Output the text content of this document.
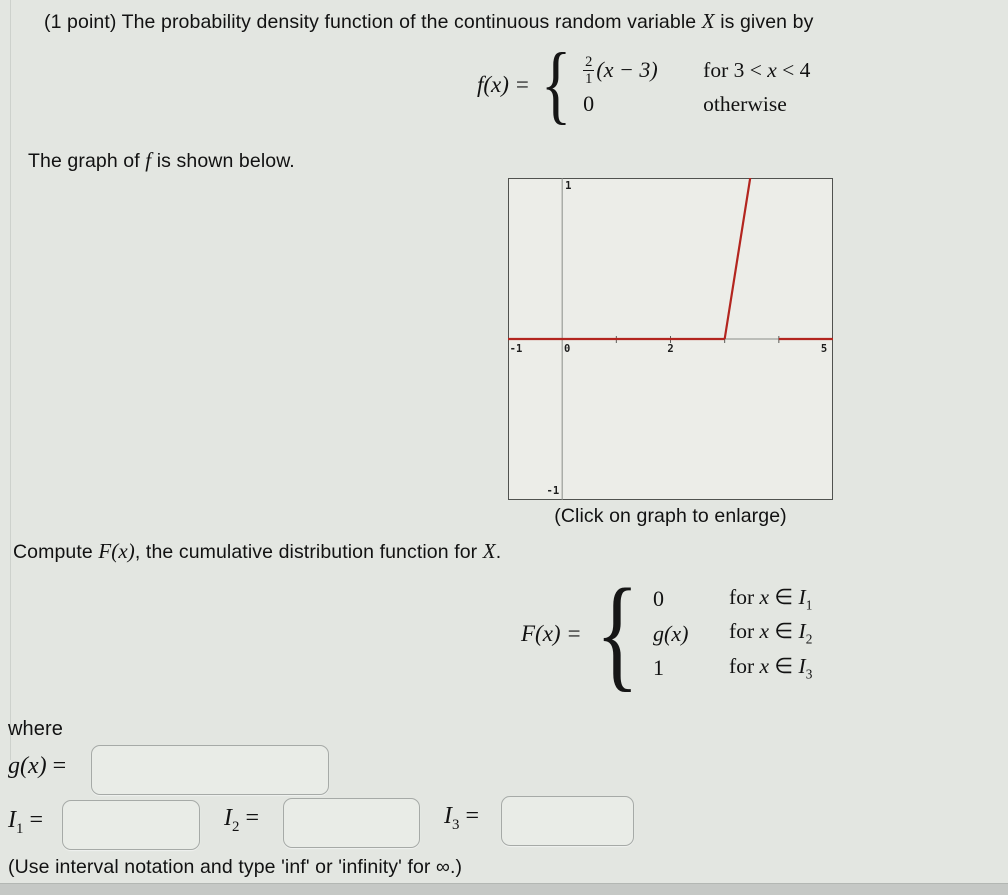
(1 point) The probability density function of the continuous random variable X is given by
f(x) = { $\frac{2}{1} (x - 3)$	for 3 < x < 4
0	otherwise
The graph of f is shown below.
-1	0	2	5
1
-1
(Click on graph to enlarge)
Compute F(x), the cumulative distribution function for X.
F(x) = { 0	for x ∈ $I_1$
g(x)	for x ∈ $I_2$
1	for x ∈ $I_3$
where
g(x) =
$I_1$ =	$I_2$ =	$I_3$ =
(Use interval notation and type 'inf' or 'infinity' for ∞.)
